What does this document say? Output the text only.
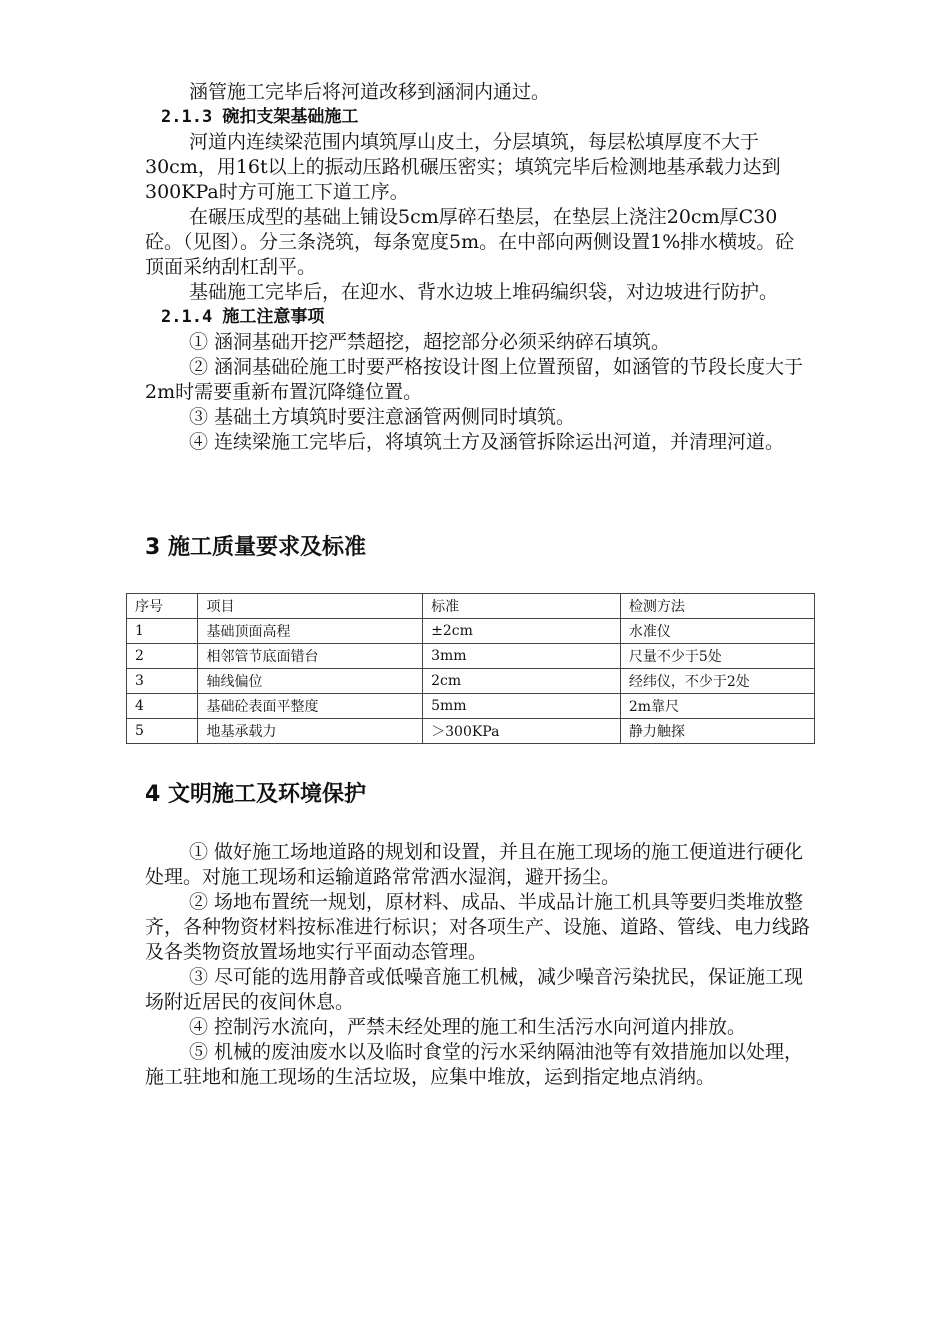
涵管施工完毕后将河道改移到涵洞内通过。

2.1.3 碗扣支架基础施工

河道内连续梁范围内填筑厚山皮土，分层填筑，每层松填厚度不大于30cm，用16t以上的振动压路机碾压密实；填筑完毕后检测地基承载力达到300KPa时方可施工下道工序。

在碾压成型的基础上铺设5cm厚碎石垫层，在垫层上浇注20cm厚C30砼。（见图）。分三条浇筑，每条宽度5m。在中部向两侧设置1%排水横坡。砼顶面采纳刮杠刮平。

基础施工完毕后，在迎水、背水边坡上堆码编织袋，对边坡进行防护。

2.1.4 施工注意事项

① 涵洞基础开挖严禁超挖，超挖部分必须采纳碎石填筑。

② 涵洞基础砼施工时要严格按设计图上位置预留，如涵管的节段长度大于2m时需要重新布置沉降缝位置。

③ 基础土方填筑时要注意涵管两侧同时填筑。

④ 连续梁施工完毕后，将填筑土方及涵管拆除运出河道，并清理河道。

3 施工质量要求及标准
序号	项目	标准	检测方法
1	基础顶面高程	±2cm	水准仪
2	相邻管节底面错台	3mm	尺量不少于5处
3	轴线偏位	2cm	经纬仪，不少于2处
4	基础砼表面平整度	5mm	2m靠尺
5	地基承载力	＞300KPa	静力触探
4 文明施工及环境保护

① 做好施工场地道路的规划和设置，并且在施工现场的施工便道进行硬化处理。对施工现场和运输道路常常洒水湿润，避开扬尘。

② 场地布置统一规划，原材料、成品、半成品计施工机具等要归类堆放整齐，各种物资材料按标准进行标识；对各项生产、设施、道路、管线、电力线路及各类物资放置场地实行平面动态管理。

③ 尽可能的选用静音或低噪音施工机械，减少噪音污染扰民，保证施工现场附近居民的夜间休息。

④ 控制污水流向，严禁未经处理的施工和生活污水向河道内排放。

⑤ 机械的废油废水以及临时食堂的污水采纳隔油池等有效措施加以处理， 施工驻地和施工现场的生活垃圾，应集中堆放，运到指定地点消纳。
